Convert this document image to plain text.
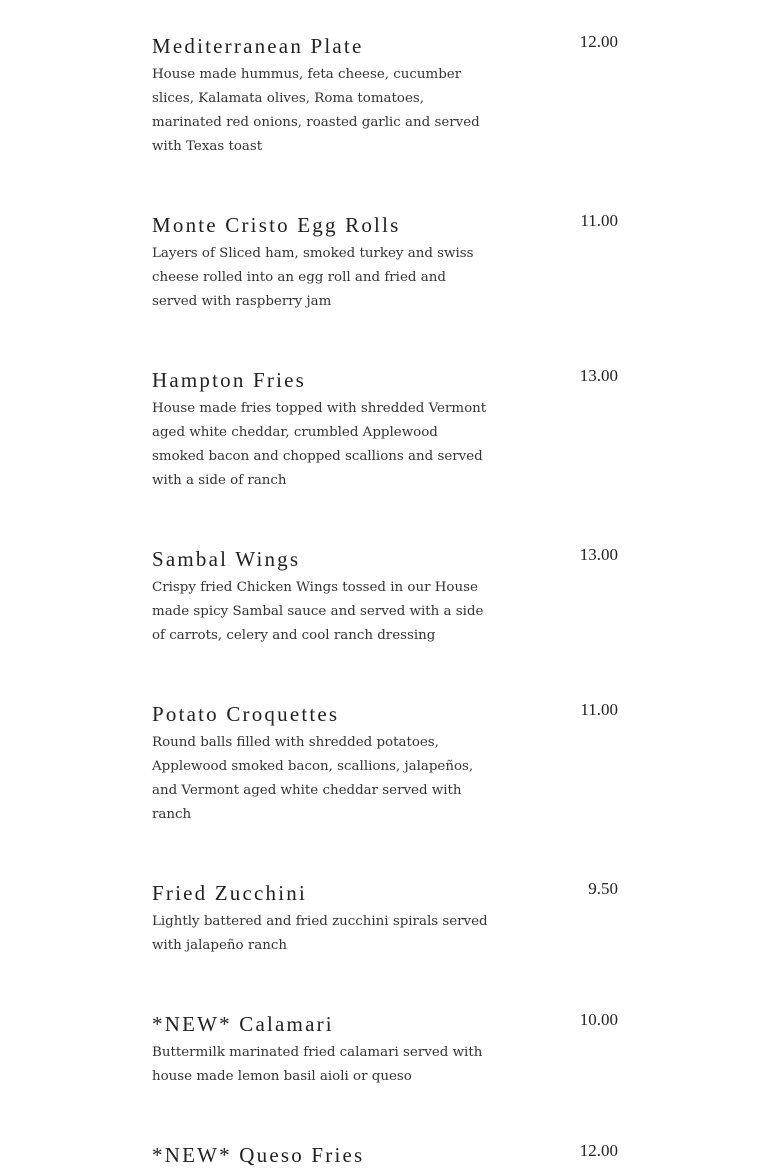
Mediterranean Plate	12.00

House made hummus, feta cheese, cucumber slices, Kalamata olives, Roma tomatoes, marinated red onions, roasted garlic and served with Texas toast

Monte Cristo Egg Rolls	11.00

Layers of Sliced ham, smoked turkey and swiss cheese rolled into an egg roll and fried and served with raspberry jam

Hampton Fries	13.00

House made fries topped with shredded Vermont aged white cheddar, crumbled Applewood smoked bacon and chopped scallions and served with a side of ranch

Sambal Wings	13.00

Crispy fried Chicken Wings tossed in our House made spicy Sambal sauce and served with a side of carrots, celery and cool ranch dressing

Potato Croquettes	11.00

Round balls filled with shredded potatoes, Applewood smoked bacon, scallions, jalapeños, and Vermont aged white cheddar served with ranch

Fried Zucchini	9.50

Lightly battered and fried zucchini spirals served with jalapeño ranch

*NEW* Calamari	10.00

Buttermilk marinated fried calamari served with house made lemon basil aioli or queso

*NEW* Queso Fries	12.00
